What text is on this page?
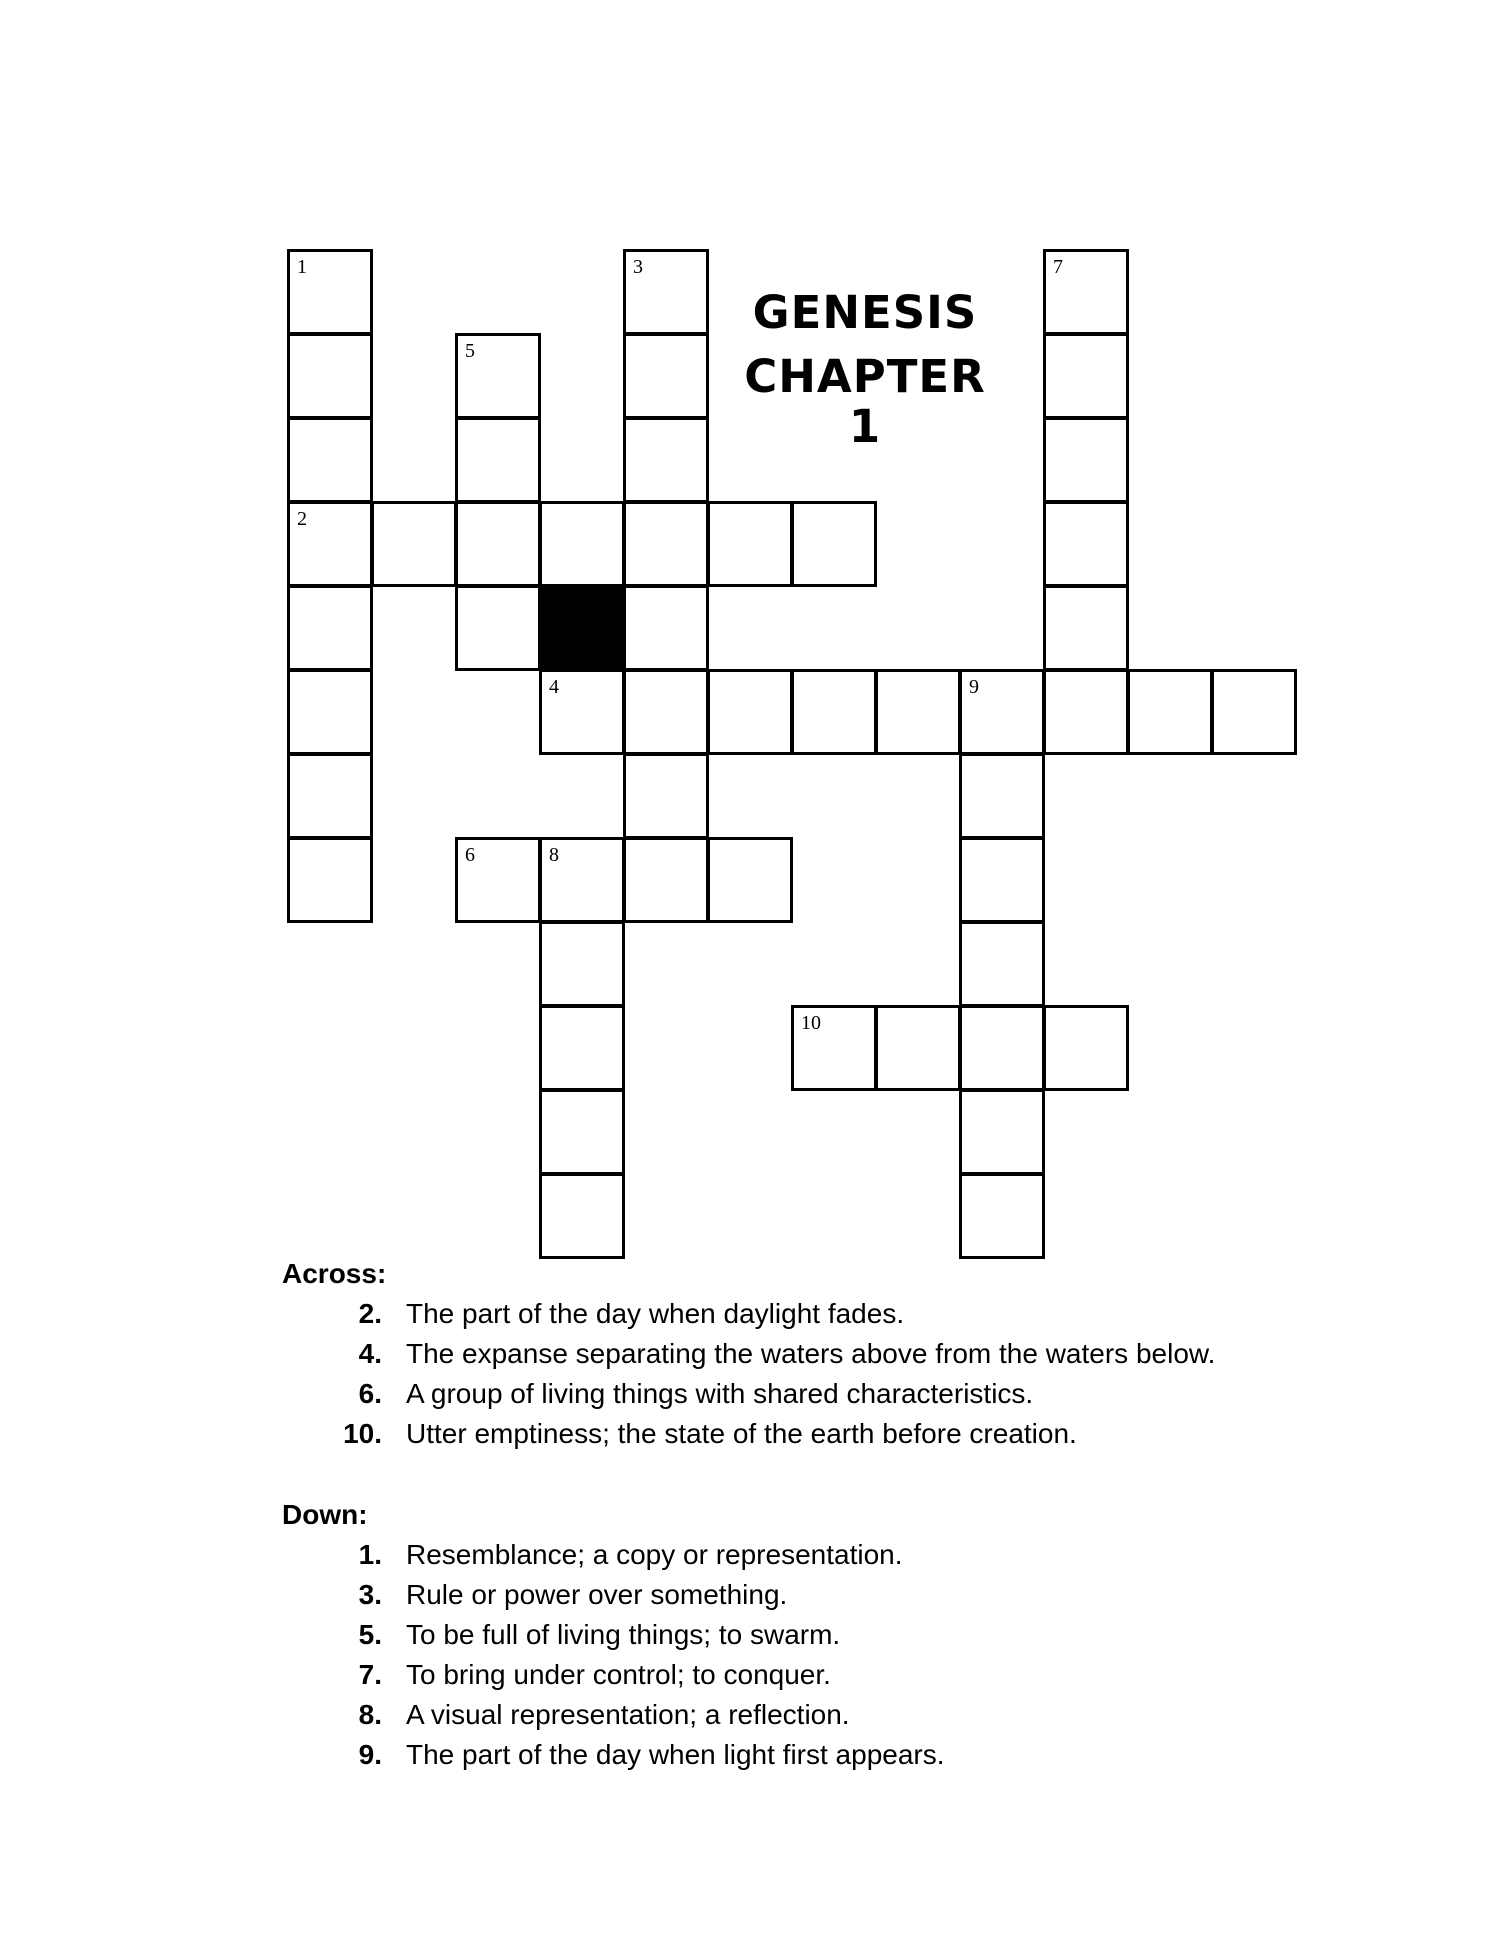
1
2
5
6
4
8
3
10
9
7
GENESIS
CHAPTER 1
Across:
2. The part of the day when daylight fades.
4. The expanse separating the waters above from the waters below.
6. A group of living things with shared characteristics.
10. Utter emptiness; the state of the earth before creation.
Down:
1. Resemblance; a copy or representation.
3. Rule or power over something.
5. To be full of living things; to swarm.
7. To bring under control; to conquer.
8. A visual representation; a reflection.
9. The part of the day when light first appears.
